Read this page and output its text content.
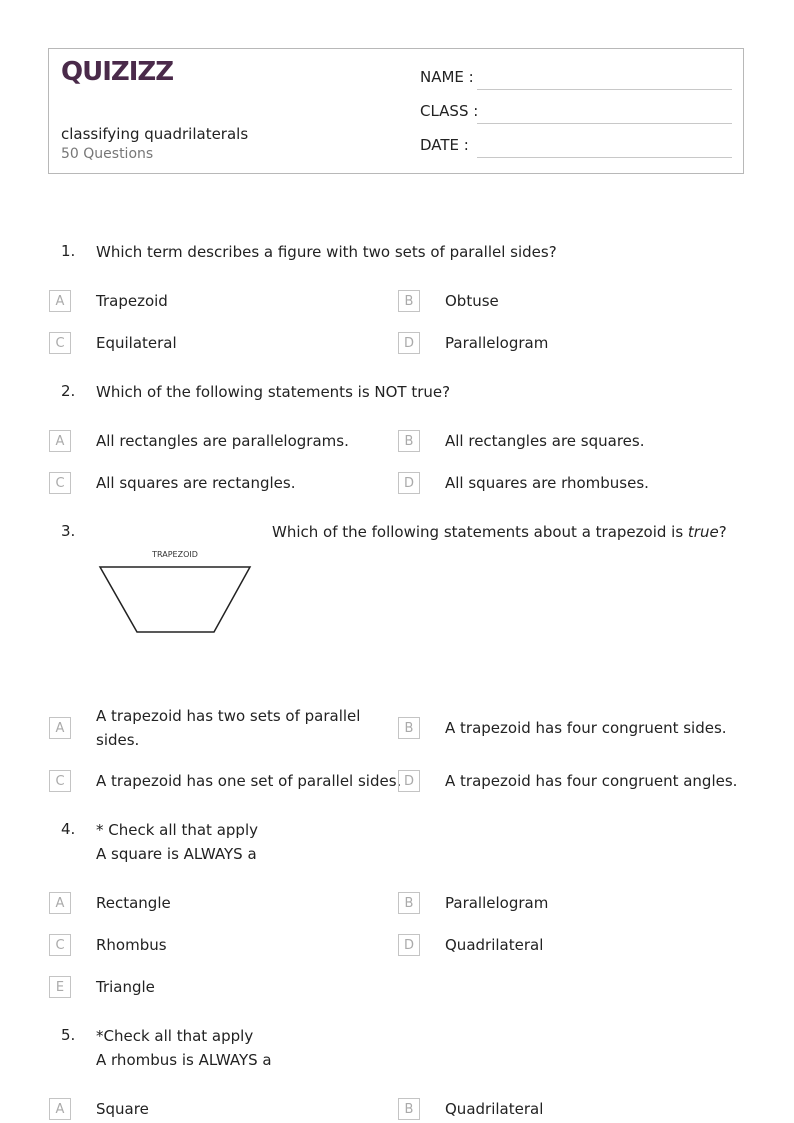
QUIZIZZ
classifying quadrilaterals
50 Questions
NAME :
CLASS :
DATE :
1. Which term describes a figure with two sets of parallel sides?
A	Trapezoid	B	Obtuse
C	Equilateral	D	Parallelogram
2. Which of the following statements is NOT true?
A	All rectangles are parallelograms.	B	All rectangles are squares.
C	All squares are rectangles.	D	All squares are rhombuses.
3.
TRAPEZOID
Which of the following statements about a trapezoid is true?
A
A trapezoid has two sets of parallel sides.
B	A trapezoid has four congruent sides.
C	A trapezoid has one set of parallel sides. D	A trapezoid has four congruent angles.
4. * Check all that apply
A square is ALWAYS a
A	Rectangle	B	Parallelogram
C	Rhombus	D	Quadrilateral
E	Triangle
5. *Check all that apply
A rhombus is ALWAYS a
A	Square	B	Quadrilateral
